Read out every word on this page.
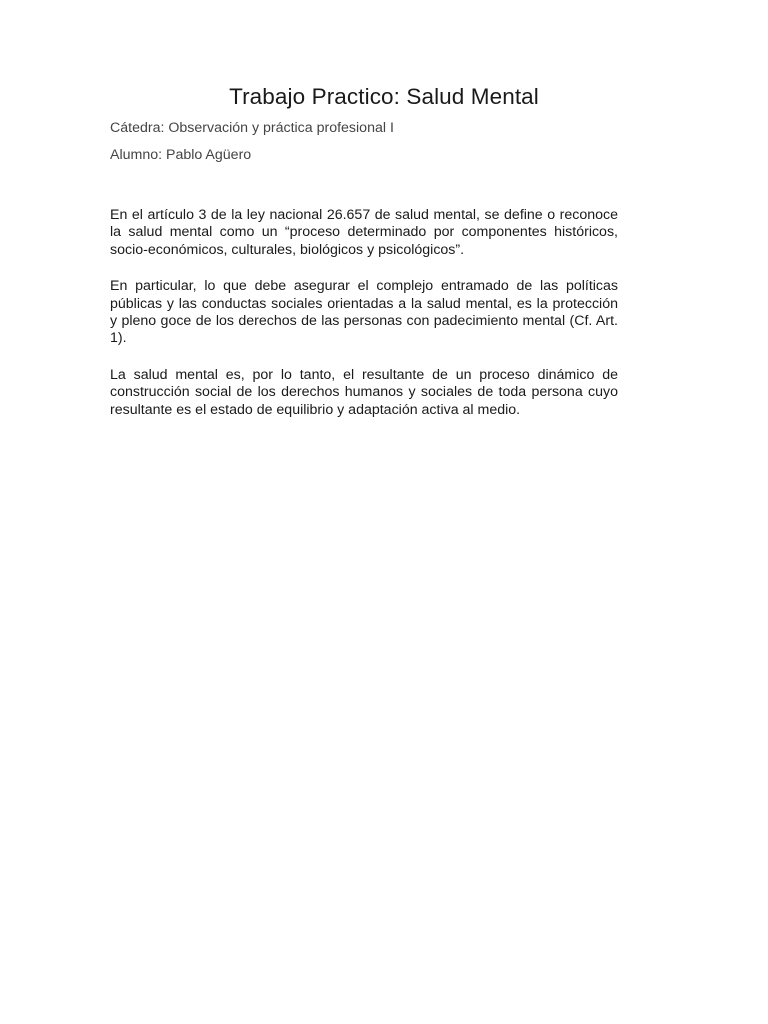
Trabajo Practico: Salud Mental

Cátedra: Observación y práctica profesional I

Alumno: Pablo Agüero

En el artículo 3 de la ley nacional 26.657 de salud mental, se define o reconoce la salud mental como un “proceso determinado por componentes históricos, socio-económicos, culturales, biológicos y psicológicos”.

En particular, lo que debe asegurar el complejo entramado de las políticas públicas y las conductas sociales orientadas a la salud mental, es la protección y pleno goce de los derechos de las personas con padecimiento mental (Cf. Art. 1).

La salud mental es, por lo tanto, el resultante de un proceso dinámico de construcción social de los derechos humanos y sociales de toda persona cuyo resultante es el estado de equilibrio y adaptación activa al medio.
